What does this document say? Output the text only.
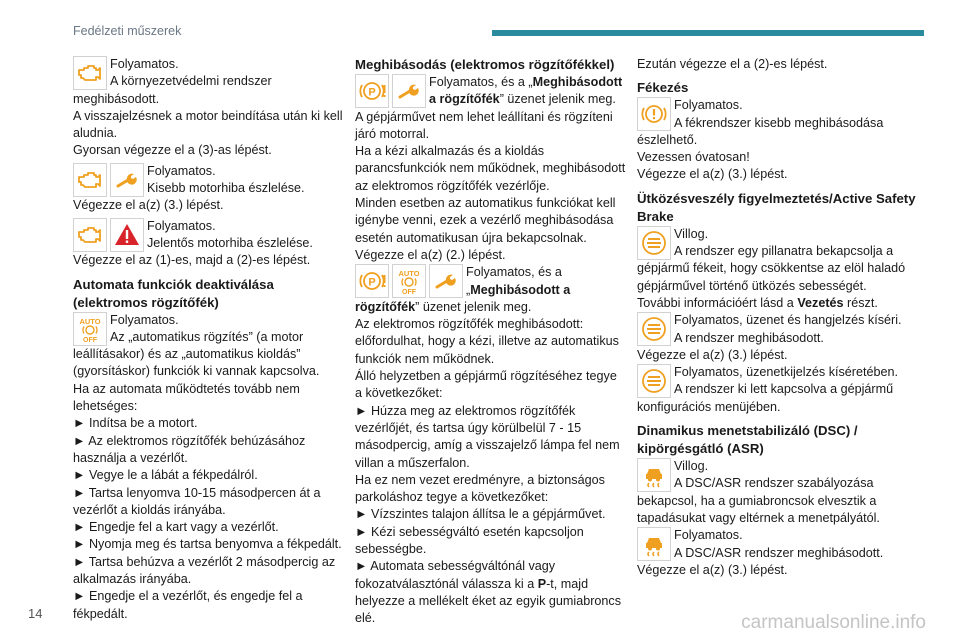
Fedélzeti műszerek
Folyamatos.
A környezetvédelmi rendszer

meghibásodott.
A visszajelzésnek a motor beindítása után ki kell aludnia.
Gyorsan végezze el a (3)-as lépést.

Folyamatos.
Kisebb motorhiba észlelése.

Végezze el a(z) (3.) lépést.

Folyamatos.
Jelentős motorhiba észlelése.

Végezze el az (1)-es, majd a (2)-es lépést.

Automata funkciók deaktiválása (elektromos rögzítőfék)

Folyamatos.
Az „automatikus rögzítés” (a motor

leállításakor) és az „automatikus kioldás” (gyorsításkor) funkciók ki vannak kapcsolva.
Ha az automata működtetés tovább nem lehetséges:
► Indítsa be a motort.
► Az elektromos rögzítőfék behúzásához használja a vezérlőt.
► Vegye le a lábát a fékpedálról.
► Tartsa lenyomva 10-15 másodpercen át a vezérlőt a kioldás irányába.
► Engedje fel a kart vagy a vezérlőt.
► Nyomja meg és tartsa benyomva a fékpedált.
► Tartsa behúzva a vezérlőt 2 másodpercig az alkalmazás irányába.
► Engedje el a vezérlőt, és engedje fel a fékpedált.

Meghibásodás (elektromos rögzítőfékkel)

Folyamatos, és a „Meghibásodott a rögzítőfék” üzenet jelenik meg.

A gépjárművet nem lehet leállítani és rögzíteni járó motorral.
Ha a kézi alkalmazás és a kioldás parancsfunkciók nem működnek, meghibásodott az elektromos rögzítőfék vezérlője.
Minden esetben az automatikus funkciókat kell igénybe venni, ezek a vezérlő meghibásodása esetén automatikusan újra bekapcsolnak.
Végezze el a(z) (2.) lépést.

Folyamatos, és a „Meghibásodott a

rögzítőfék” üzenet jelenik meg.

Az elektromos rögzítőfék meghibásodott:
előfordulhat, hogy a kézi, illetve az automatikus funkciók nem működnek.
Álló helyzetben a gépjármű rögzítéséhez tegye a következőket:
► Húzza meg az elektromos rögzítőfék vezérlőjét, és tartsa úgy körülbelül 7 - 15 másodpercig, amíg a visszajelző lámpa fel nem villan a műszerfalon.
Ha ez nem vezet eredményre, a biztonságos parkoláshoz tegye a következőket:
► Vízszintes talajon állítsa le a gépjárművet.
► Kézi sebességváltó esetén kapcsoljon sebességbe.

► Automata sebességváltónál vagy fokozatválasztónál válassza ki a P-t, majd helyezze a mellékelt éket az egyik gumiabroncs elé.

Ezután végezze el a (2)-es lépést.

Fékezés

Folyamatos.
A fékrendszer kisebb meghibásodása

észlelhető.
Vezessen óvatosan!
Végezze el a(z) (3.) lépést.

Ütközésveszély figyelmeztetés/Active Safety Brake

Villog.
A rendszer egy pillanatra bekapcsolja a

gépjármű fékeit, hogy csökkentse az elöl haladó gépjárművel történő ütközés sebességét.
További információért lásd a Vezetés részt.

Folyamatos, üzenet és hangjelzés kíséri.
A rendszer meghibásodott.

Végezze el a(z) (3.) lépést.

Folyamatos, üzenetkijelzés kíséretében.
A rendszer ki lett kapcsolva a gépjármű

konfigurációs menüjében.

Dinamikus menetstabilizáló (DSC) / kipörgésgátló (ASR)

Villog.
A DSC/ASR rendszer szabályozása

bekapcsol, ha a gumiabroncsok elvesztik a tapadásukat vagy eltérnek a menetpályától.

Folyamatos.
A DSC/ASR rendszer meghibásodott.

Végezze el a(z) (3.) lépést.

14	carmanualsonline.info
